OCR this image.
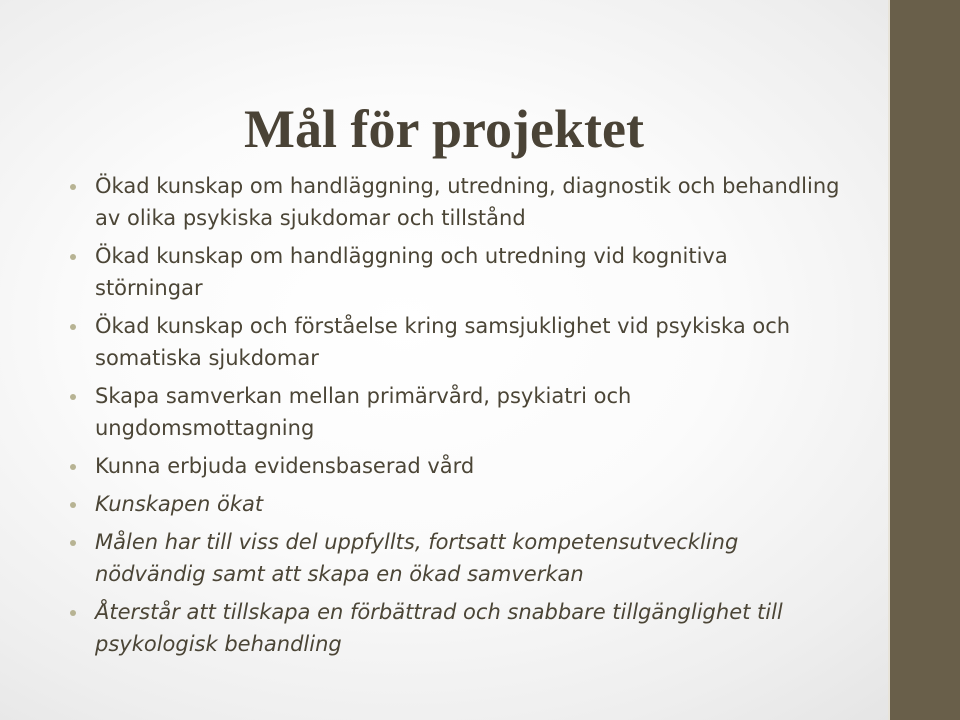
Mål för projektet
Ökad kunskap om handläggning, utredning, diagnostik och behandling av olika psykiska sjukdomar och tillstånd
Ökad kunskap om handläggning och utredning vid kognitiva störningar
Ökad kunskap och förståelse kring samsjuklighet vid psykiska och somatiska sjukdomar
Skapa samverkan mellan primärvård, psykiatri och ungdomsmottagning
Kunna erbjuda evidensbaserad vård
Kunskapen ökat
Målen har till viss del uppfyllts, fortsatt kompetensutveckling nödvändig samt att skapa en ökad samverkan
Återstår att tillskapa en förbättrad och snabbare tillgänglighet till psykologisk behandling
